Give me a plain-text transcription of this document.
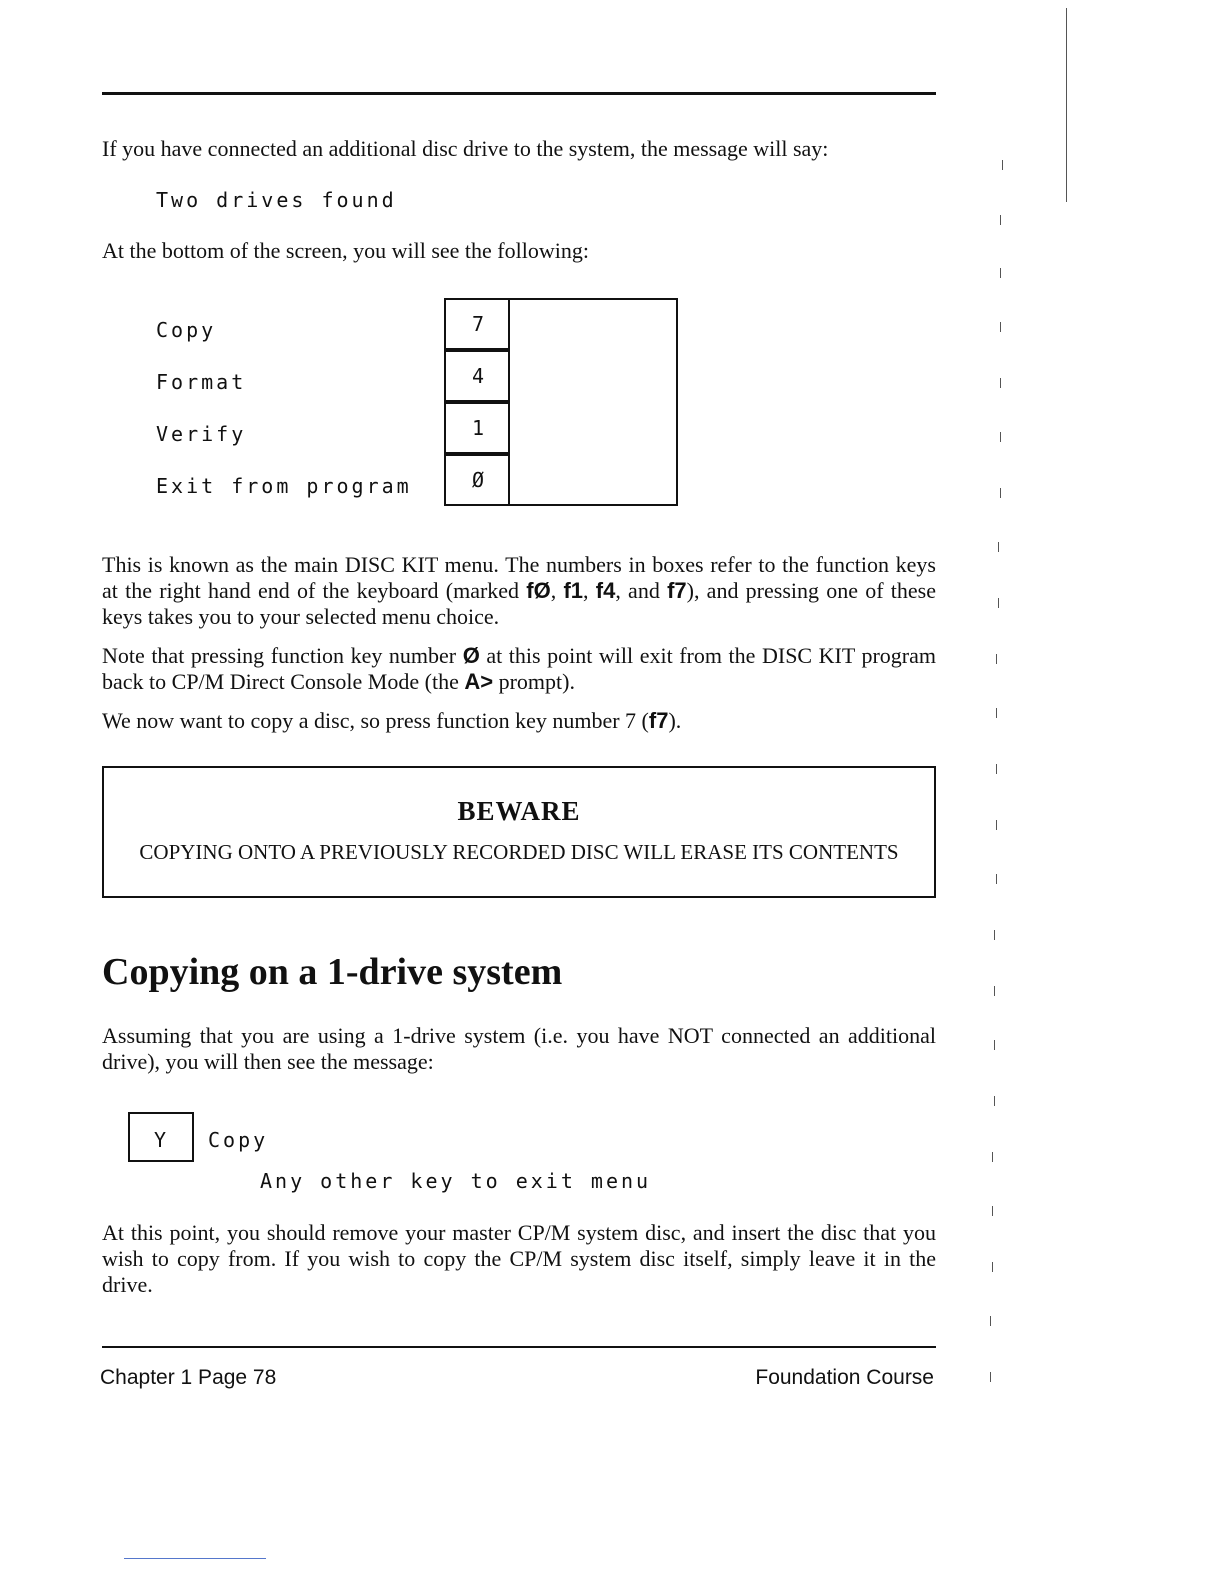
If you have connected an additional disc drive to the system, the message will say:
Two drives found
At the bottom of the screen, you will see the following:
Copy	7
Format	4
Verify	1
Exit from program	Ø
This is known as the main DISC KIT menu. The numbers in boxes refer to the function keys at the right hand end of the keyboard (marked fØ, f1, f4, and f7), and pressing one of these keys takes you to your selected menu choice.
Note that pressing function key number Ø at this point will exit from the DISC KIT program back to CP/M Direct Console Mode (the A> prompt).
We now want to copy a disc, so press function key number 7 (f7).
BEWARE
COPYING ONTO A PREVIOUSLY RECORDED DISC WILL ERASE ITS CONTENTS
Copying on a 1-drive system
Assuming that you are using a 1-drive system (i.e. you have NOT connected an additional drive), you will then see the message:
Y	Copy
Any other key to exit menu
At this point, you should remove your master CP/M system disc, and insert the disc that you wish to copy from. If you wish to copy the CP/M system disc itself, simply leave it in the drive.
Chapter 1 Page 78	Foundation Course
